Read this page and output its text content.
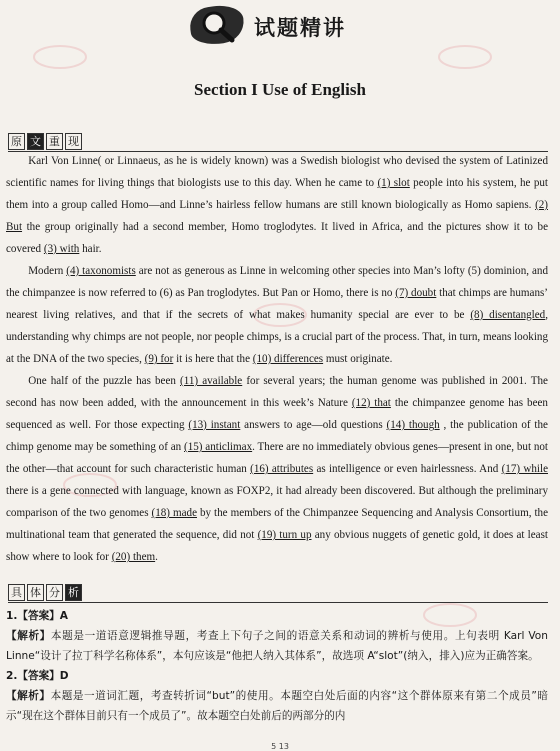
试题精讲
Section I Use of English
原 文 重 现

Karl Von Linne( or Linnaeus, as he is widely known) was a Swedish biologist who devised the system of Latinized scientific names for living things that biologists use to this day. When he came to (1) slot people into his system, he put them into a group called Homo—and Linne’s hairless fellow humans are still known biologically as Homo sapiens. (2) But the group originally had a second member, Homo troglodytes. It lived in Africa, and the pictures show it to be covered (3) with hair.

Modern (4) taxonomists are not as generous as Linne in welcoming other species into Man’s lofty (5) dominion, and the chimpanzee is now referred to (6) as Pan troglodytes. But Pan or Homo, there is no (7) doubt that chimps are humans’ nearest living relatives, and that if the secrets of what makes humanity special are ever to be (8) disentangled, understanding why chimps are not people, nor people chimps, is a crucial part of the process. That, in turn, means looking at the DNA of the two species, (9) for it is here that the (10) differences must originate.

One half of the puzzle has been (11) available for several years; the human genome was published in 2001. The second has now been added, with the announcement in this week’s Nature (12) that the chimpanzee genome has been sequenced as well. For those expecting (13) instant answers to age—old questions (14) though , the publication of the chimp genome may be something of an (15) anticlimax. There are no immediately obvious genes—present in one, but not the other—that account for such characteristic human (16) attributes as intelligence or even hairlessness. And (17) while there is a gene connected with language, known as FOXP2, it had already been discovered. But although the preliminary comparison of the two genomes (18) made by the members of the Chimpanzee Sequencing and Analysis Consortium, the multinational team that generated the sequence, did not (19) turn up any obvious nuggets of genetic gold, it does at least show where to look for (20) them.

具 体 分 析
1.【答案】A
【解析】本题是一道语意逻辑推导题，考查上下句子之间的语意关系和动词的辨析与使用。上句表明 Karl Von Linne“设计了拉丁科学名称体系”，本句应该是“他把人纳入其体系”，故选项 A“slot”(纳入，排入)应为正确答案。
2.【答案】D
【解析】本题是一道词汇题，考查转折词“but”的使用。本题空白处后面的内容“这个群体原来有第二个成员”暗示“现在这个群体目前只有一个成员了”。故本题空白处前后的两部分的内
5 13
